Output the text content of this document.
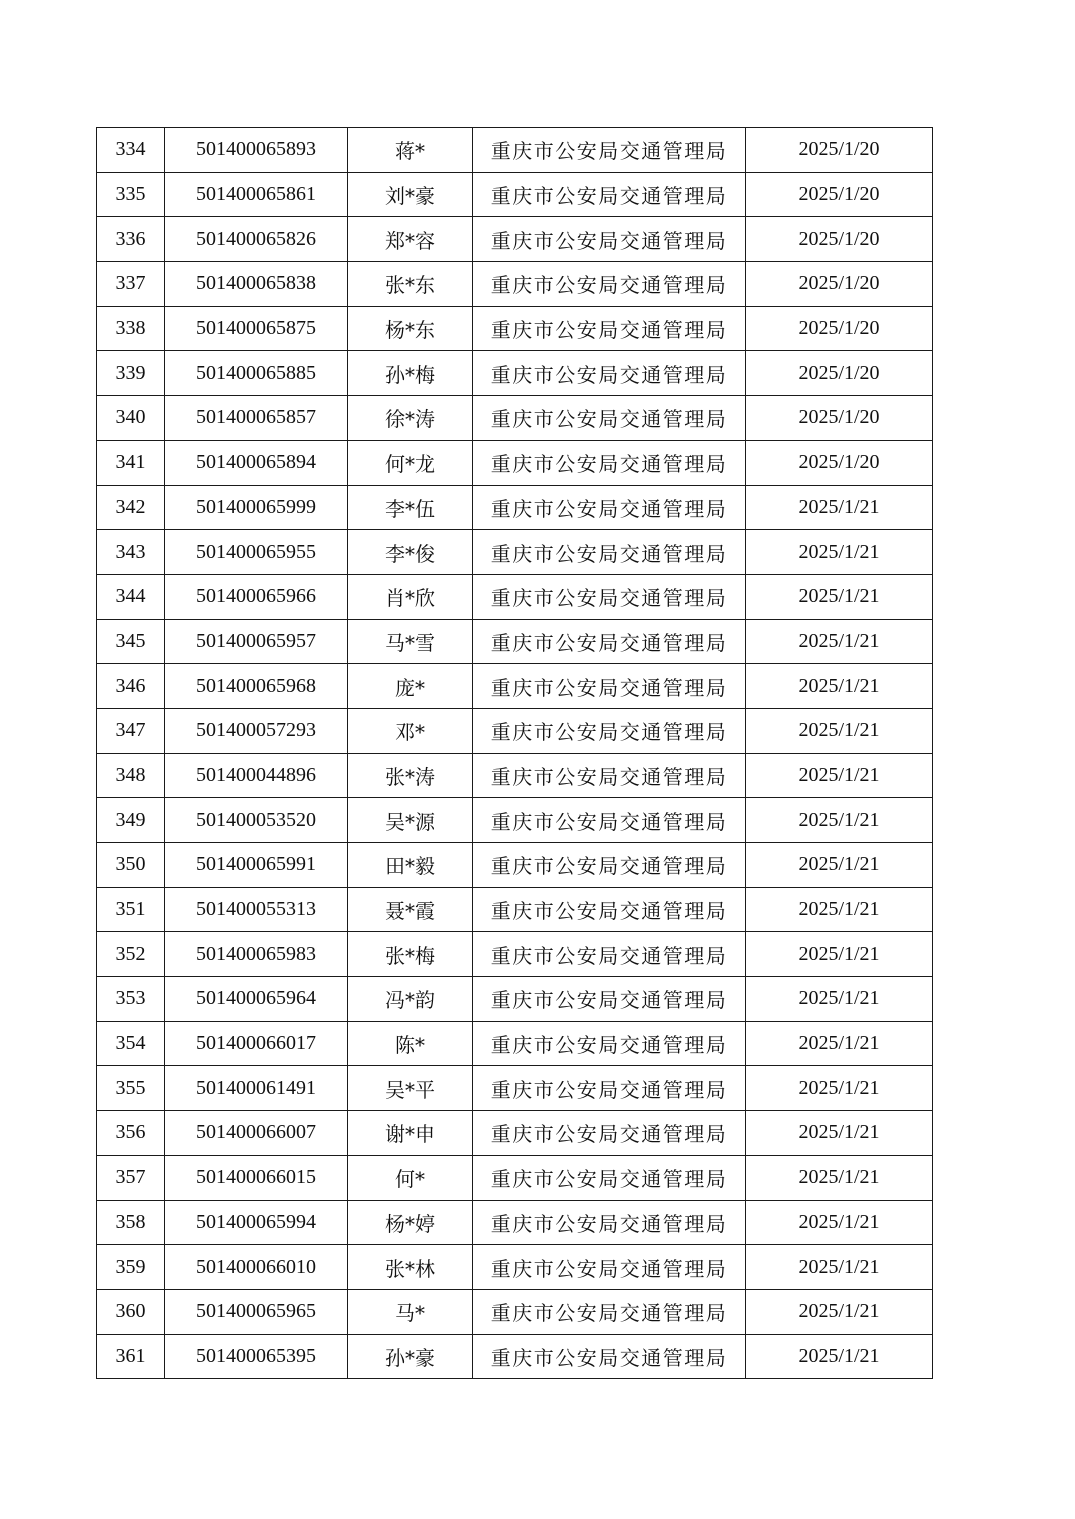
334	501400065893	蒋*	重庆市公安局交通管理局	2025/1/20
335	501400065861	刘*豪	重庆市公安局交通管理局	2025/1/20
336	501400065826	郑*容	重庆市公安局交通管理局	2025/1/20
337	501400065838	张*东	重庆市公安局交通管理局	2025/1/20
338	501400065875	杨*东	重庆市公安局交通管理局	2025/1/20
339	501400065885	孙*梅	重庆市公安局交通管理局	2025/1/20
340	501400065857	徐*涛	重庆市公安局交通管理局	2025/1/20
341	501400065894	何*龙	重庆市公安局交通管理局	2025/1/20
342	501400065999	李*伍	重庆市公安局交通管理局	2025/1/21
343	501400065955	李*俊	重庆市公安局交通管理局	2025/1/21
344	501400065966	肖*欣	重庆市公安局交通管理局	2025/1/21
345	501400065957	马*雪	重庆市公安局交通管理局	2025/1/21
346	501400065968	庞*	重庆市公安局交通管理局	2025/1/21
347	501400057293	邓*	重庆市公安局交通管理局	2025/1/21
348	501400044896	张*涛	重庆市公安局交通管理局	2025/1/21
349	501400053520	吴*源	重庆市公安局交通管理局	2025/1/21
350	501400065991	田*毅	重庆市公安局交通管理局	2025/1/21
351	501400055313	聂*霞	重庆市公安局交通管理局	2025/1/21
352	501400065983	张*梅	重庆市公安局交通管理局	2025/1/21
353	501400065964	冯*韵	重庆市公安局交通管理局	2025/1/21
354	501400066017	陈*	重庆市公安局交通管理局	2025/1/21
355	501400061491	吴*平	重庆市公安局交通管理局	2025/1/21
356	501400066007	谢*申	重庆市公安局交通管理局	2025/1/21
357	501400066015	何*	重庆市公安局交通管理局	2025/1/21
358	501400065994	杨*婷	重庆市公安局交通管理局	2025/1/21
359	501400066010	张*林	重庆市公安局交通管理局	2025/1/21
360	501400065965	马*	重庆市公安局交通管理局	2025/1/21
361	501400065395	孙*豪	重庆市公安局交通管理局	2025/1/21
